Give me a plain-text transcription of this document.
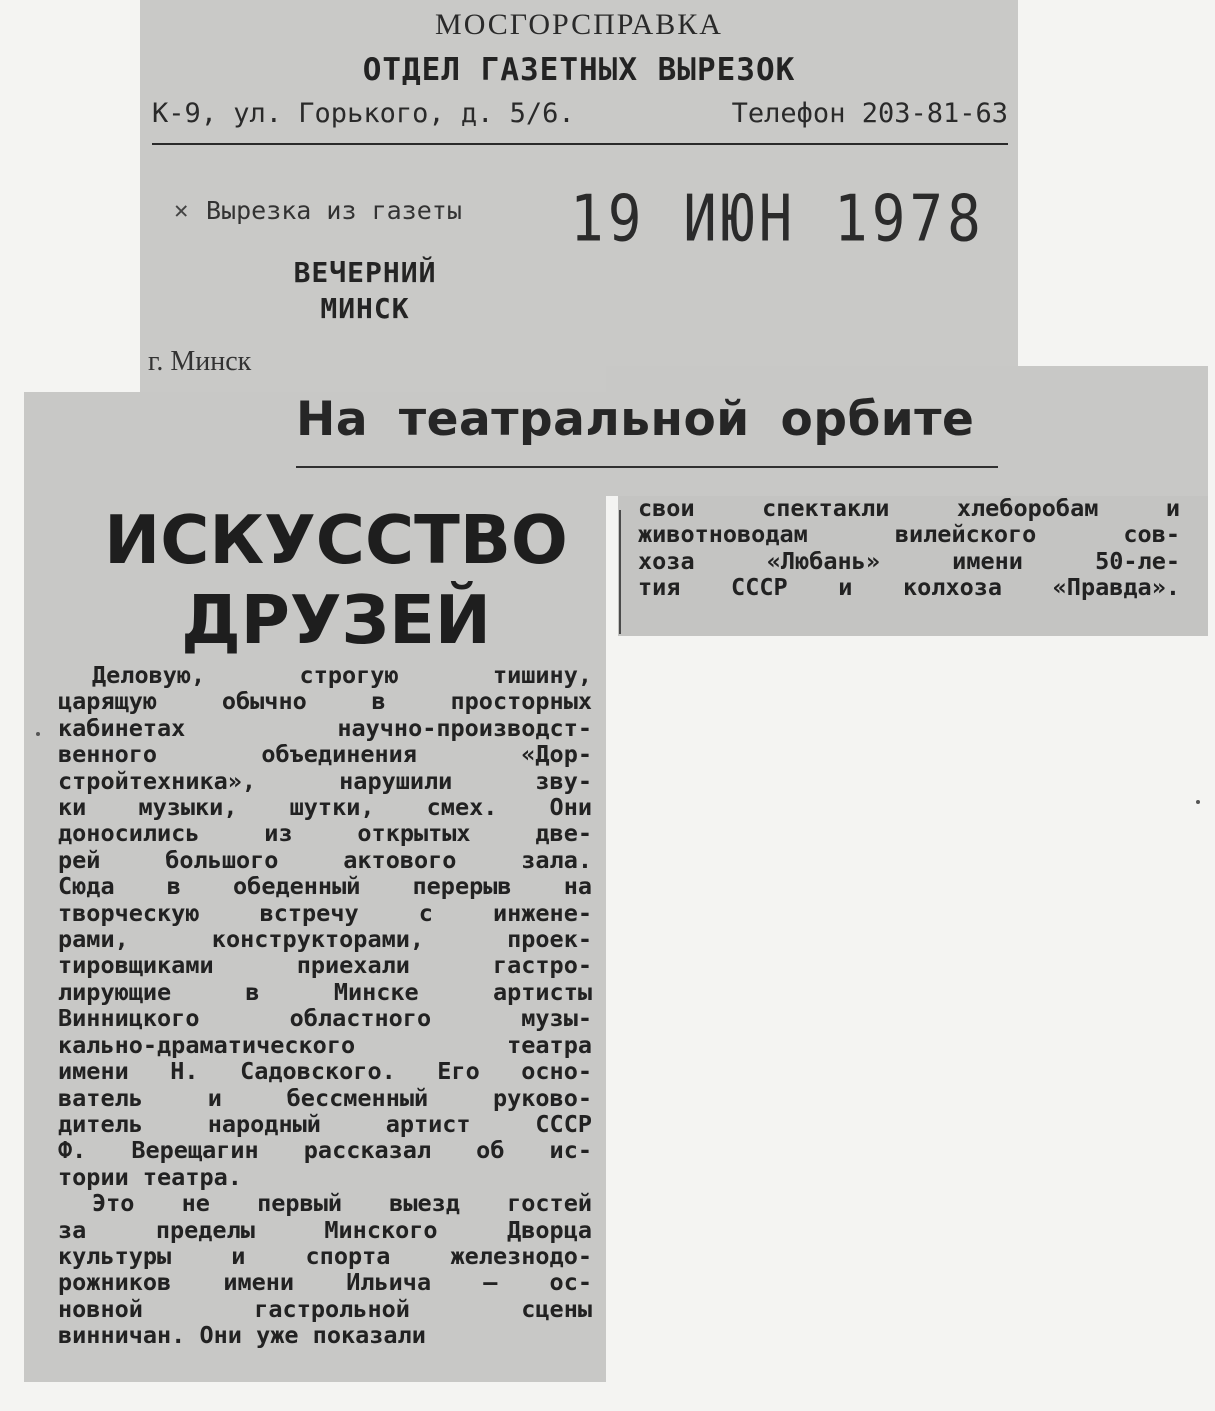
МОСГОРСПРАВКА
ОТДЕЛ ГАЗЕТНЫХ ВЫРЕЗОК
К-9, ул. Горького, д. 5/6.	Телефон 203-81-63
✕ Вырезка из газеты 19 ИЮН 1978
ВЕЧЕРНИЙ
МИНСК
г. Минск
На театральной орбите
ИСКУССТВО
ДРУЗЕЙ
Деловую, строгую тишину,
царящую обычно в просторных
кабинетах научно-производст-
венного объединения «Дор-
стройтехника», нарушили зву-
ки музыки, шутки, смех. Они
доносились из открытых две-
рей большого актового зала.
Сюда в обеденный перерыв на
творческую встречу с инжене-
рами, конструкторами, проек-
тировщиками приехали гастро-
лирующие в Минске артисты
Винницкого областного музы-
кально-драматического театра
имени Н. Садовского. Его осно-
ватель и бессменный руково-
дитель народный артист СССР
Ф. Верещагин рассказал об ис-
тории театра.
Это не первый выезд гостей
за пределы Минского Дворца
культуры и спорта железнодо-
рожников имени Ильича — ос-
новной гастрольной сцены
винничан. Они уже показали
свои спектакли хлеборобам и
животноводам вилейского сов-
хоза «Любань» имени 50-ле-
тия СССР и колхоза «Правда».
